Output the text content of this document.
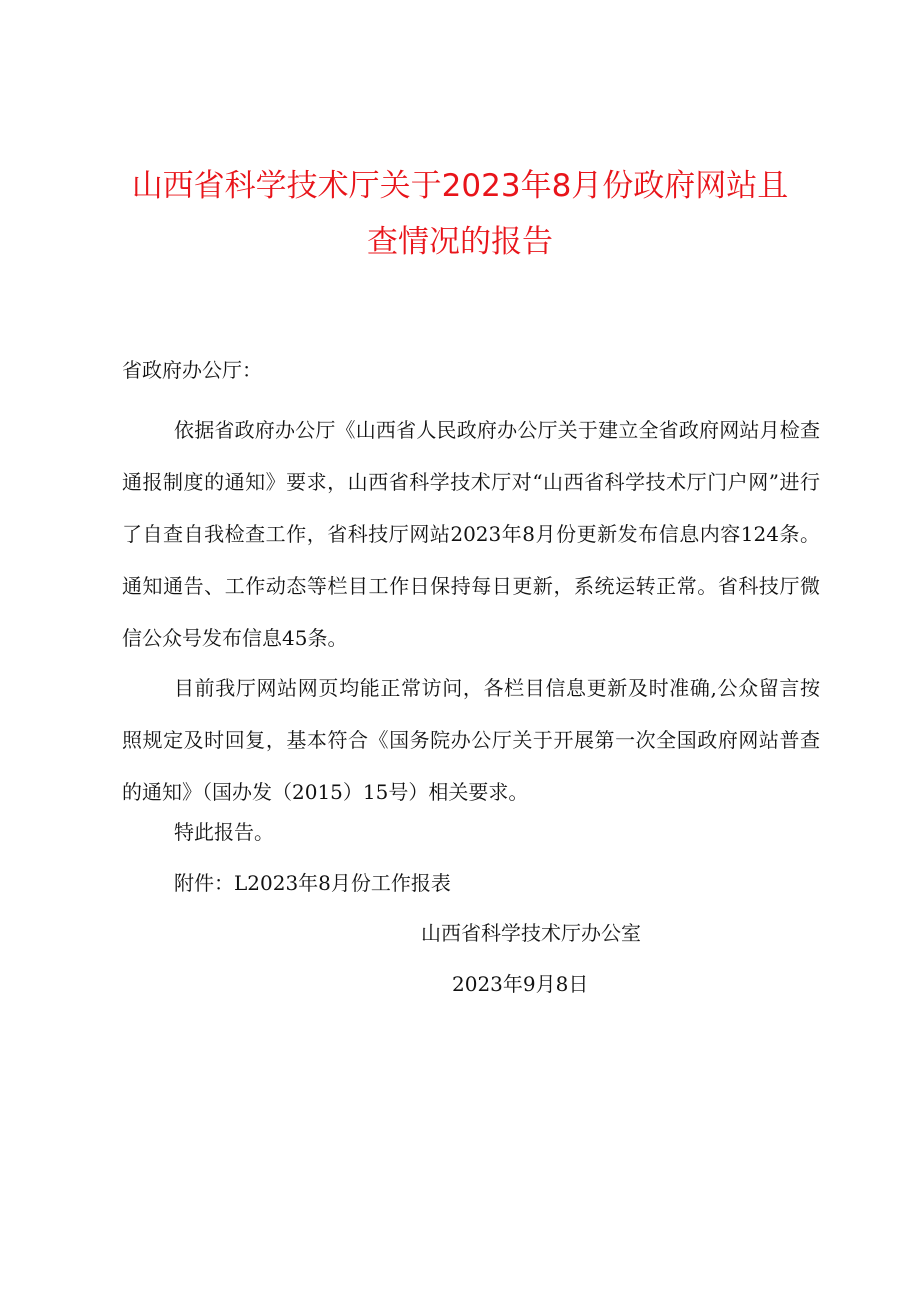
山西省科学技术厅关于2023年8月份政府网站且
查情况的报告

省政府办公厅：

依据省政府办公厅《山西省人民政府办公厅关于建立全省政府网站月检查通报制度的通知》要求，山西省科学技术厅对“山西省科学技术厅门户网”进行了自查自我检查工作，省科技厅网站2023年8月份更新发布信息内容124条。通知通告、工作动态等栏目工作日保持每日更新，系统运转正常。省科技厅微信公众号发布信息45条。

目前我厅网站网页均能正常访问，各栏目信息更新及时准确,公众留言按照规定及时回复，基本符合《国务院办公厅关于开展第一次全国政府网站普查的通知》（国办发（2015）15号）相关要求。

特此报告。

附件：L2023年8月份工作报表

山西省科学技术厅办公室

2023年9月8日
